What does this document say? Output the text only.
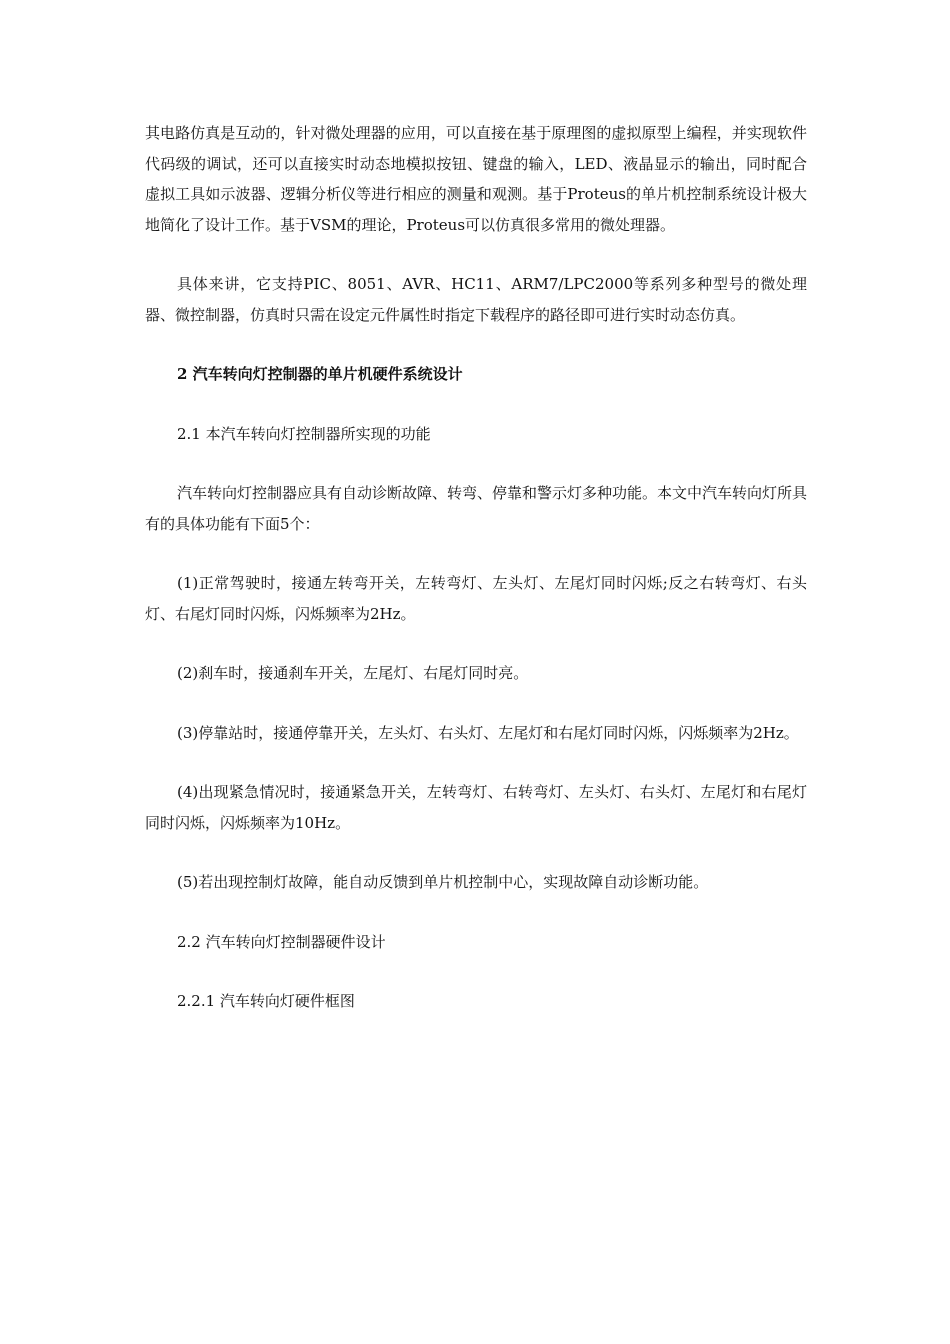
其电路仿真是互动的，针对微处理器的应用，可以直接在基于原理图的虚拟原型上编程，并实现软件代码级的调试，还可以直接实时动态地模拟按钮、键盘的输入，LED、液晶显示的输出，同时配合虚拟工具如示波器、逻辑分析仪等进行相应的测量和观测。基于Proteus的单片机控制系统设计极大地简化了设计工作。基于VSM的理论，Proteus可以仿真很多常用的微处理器。

具体来讲，它支持PIC、8051、AVR、HC11、ARM7/LPC2000等系列多种型号的微处理器、微控制器，仿真时只需在设定元件属性时指定下载程序的路径即可进行实时动态仿真。

2 汽车转向灯控制器的单片机硬件系统设计

2.1 本汽车转向灯控制器所实现的功能

汽车转向灯控制器应具有自动诊断故障、转弯、停靠和警示灯多种功能。本文中汽车转向灯所具有的具体功能有下面5个：

(1)正常驾驶时，接通左转弯开关，左转弯灯、左头灯、左尾灯同时闪烁;反之右转弯灯、右头灯、右尾灯同时闪烁，闪烁频率为2Hz。

(2)刹车时，接通刹车开关，左尾灯、右尾灯同时亮。

(3)停靠站时，接通停靠开关，左头灯、右头灯、左尾灯和右尾灯同时闪烁，闪烁频率为2Hz。

(4)出现紧急情况时，接通紧急开关，左转弯灯、右转弯灯、左头灯、右头灯、左尾灯和右尾灯同时闪烁，闪烁频率为10Hz。

(5)若出现控制灯故障，能自动反馈到单片机控制中心，实现故障自动诊断功能。

2.2 汽车转向灯控制器硬件设计

2.2.1 汽车转向灯硬件框图
